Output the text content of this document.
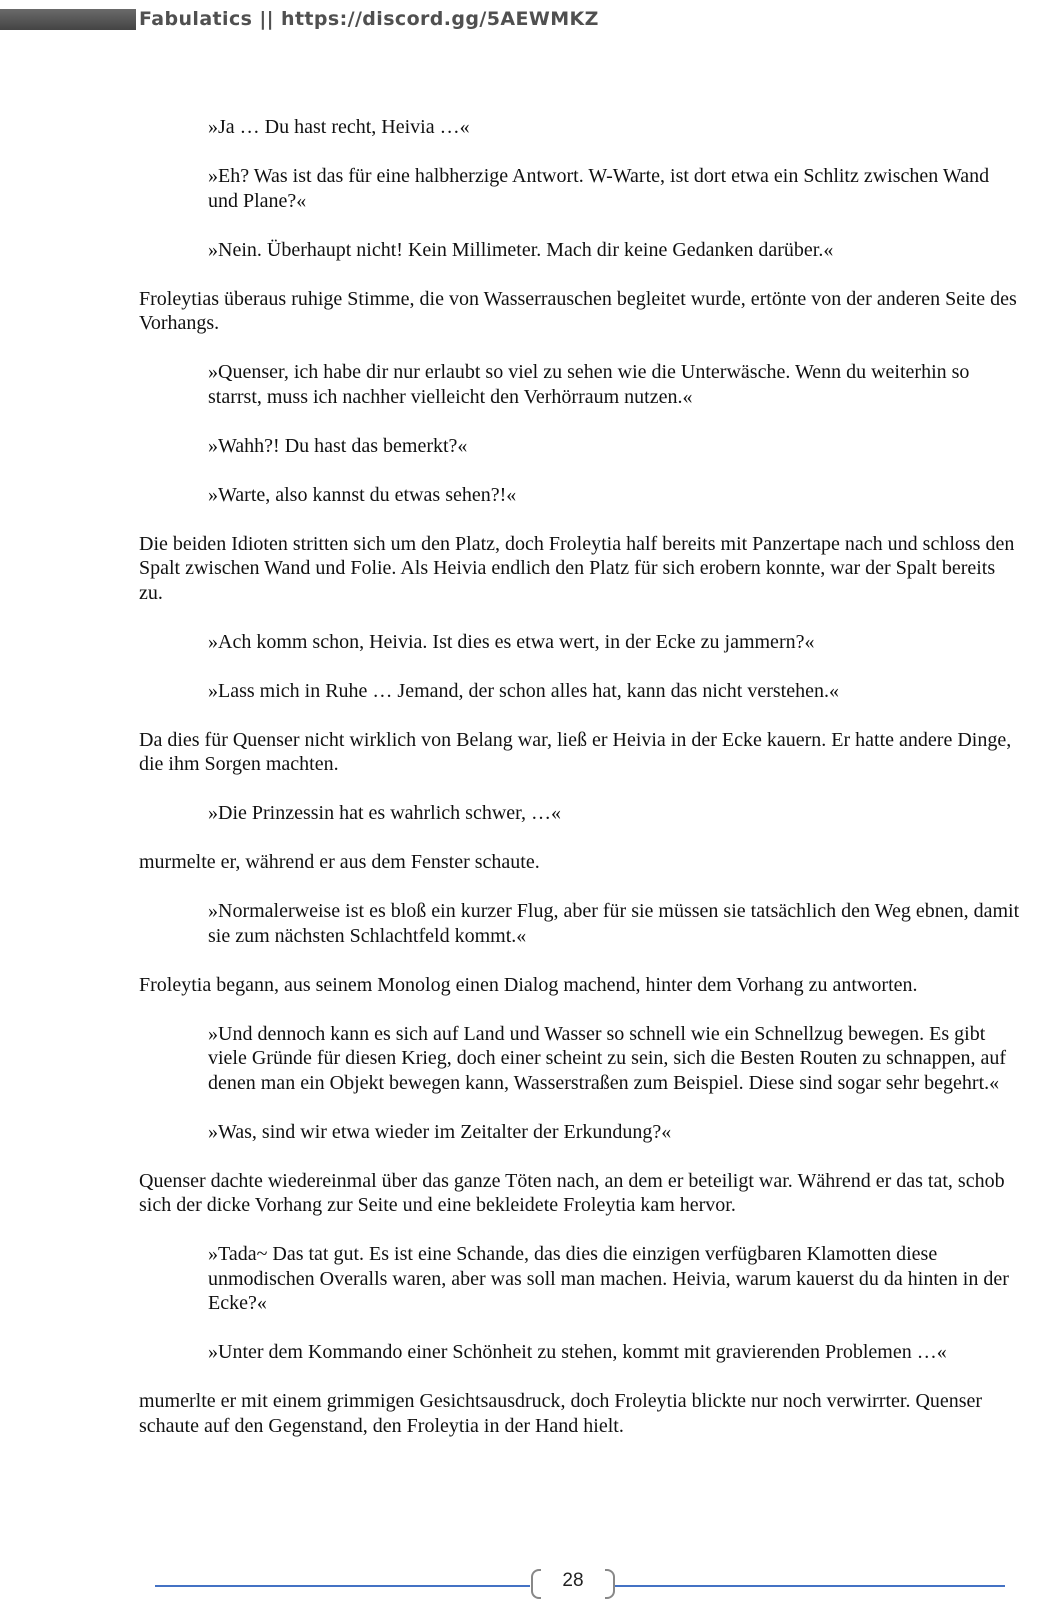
Fabulatics || https://discord.gg/5AEWMKZ

»Ja … Du hast recht, Heivia …«

»Eh? Was ist das für eine halbherzige Antwort. W-Warte, ist dort etwa ein Schlitz zwischen Wand und Plane?«

»Nein. Überhaupt nicht! Kein Millimeter. Mach dir keine Gedanken darüber.«

Froleytias überaus ruhige Stimme, die von Wasserrauschen begleitet wurde, ertönte von der anderen Seite des Vorhangs.

»Quenser, ich habe dir nur erlaubt so viel zu sehen wie die Unterwäsche. Wenn du weiterhin so starrst, muss ich nachher vielleicht den Verhörraum nutzen.«

»Wahh?! Du hast das bemerkt?«

»Warte, also kannst du etwas sehen?!«

Die beiden Idioten stritten sich um den Platz, doch Froleytia half bereits mit Panzertape nach und schloss den Spalt zwischen Wand und Folie. Als Heivia endlich den Platz für sich erobern konnte, war der Spalt bereits zu.

»Ach komm schon, Heivia. Ist dies es etwa wert, in der Ecke zu jammern?«

»Lass mich in Ruhe … Jemand, der schon alles hat, kann das nicht verstehen.«

Da dies für Quenser nicht wirklich von Belang war, ließ er Heivia in der Ecke kauern. Er hatte andere Dinge, die ihm Sorgen machten.

»Die Prinzessin hat es wahrlich schwer, …«

murmelte er, während er aus dem Fenster schaute.

»Normalerweise ist es bloß ein kurzer Flug, aber für sie müssen sie tatsächlich den Weg ebnen, damit sie zum nächsten Schlachtfeld kommt.«

Froleytia begann, aus seinem Monolog einen Dialog machend, hinter dem Vorhang zu antworten.

»Und dennoch kann es sich auf Land und Wasser so schnell wie ein Schnellzug bewegen. Es gibt viele Gründe für diesen Krieg, doch einer scheint zu sein, sich die Besten Routen zu schnappen, auf denen man ein Objekt bewegen kann, Wasserstraßen zum Beispiel. Diese sind sogar sehr begehrt.«

»Was, sind wir etwa wieder im Zeitalter der Erkundung?«

Quenser dachte wiedereinmal über das ganze Töten nach, an dem er beteiligt war. Während er das tat, schob sich der dicke Vorhang zur Seite und eine bekleidete Froleytia kam hervor.

»Tada~ Das tat gut. Es ist eine Schande, das dies die einzigen verfügbaren Klamotten diese unmodischen Overalls waren, aber was soll man machen. Heivia, warum kauerst du da hinten in der Ecke?«

»Unter dem Kommando einer Schönheit zu stehen, kommt mit gravierenden Problemen …«

mumerlte er mit einem grimmigen Gesichtsausdruck, doch Froleytia blickte nur noch verwirrter. Quenser schaute auf den Gegenstand, den Froleytia in der Hand hielt.

28
